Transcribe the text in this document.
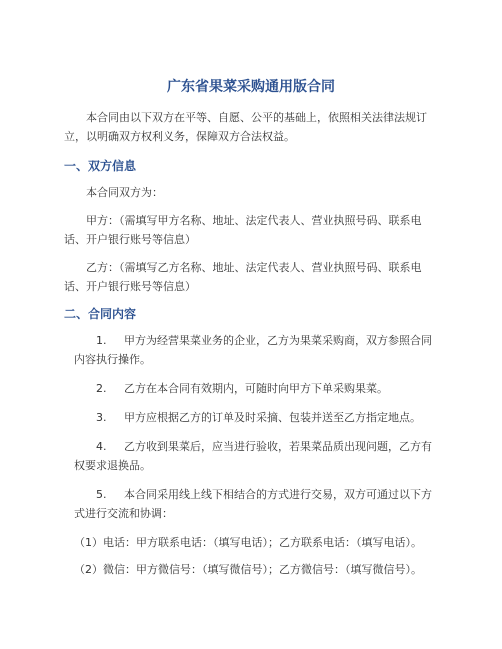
广东省果菜采购通用版合同

本合同由以下双方在平等、自愿、公平的基础上，依照相关法律法规订立，以明确双方权利义务，保障双方合法权益。

一、双方信息

本合同双方为：

甲方：（需填写甲方名称、地址、法定代表人、营业执照号码、联系电话、开户银行账号等信息）

乙方：（需填写乙方名称、地址、法定代表人、营业执照号码、联系电话、开户银行账号等信息）

二、合同内容

1. 甲方为经营果菜业务的企业，乙方为果菜采购商，双方参照合同内容执行操作。

2. 乙方在本合同有效期内，可随时向甲方下单采购果菜。

3. 甲方应根据乙方的订单及时采摘、包装并送至乙方指定地点。

4. 乙方收到果菜后，应当进行验收，若果菜品质出现问题，乙方有权要求退换品。

5. 本合同采用线上线下相结合的方式进行交易，双方可通过以下方式进行交流和协调：

（1）电话：甲方联系电话：（填写电话）；乙方联系电话：（填写电话）。

（2）微信：甲方微信号：（填写微信号）；乙方微信号：（填写微信号）。
